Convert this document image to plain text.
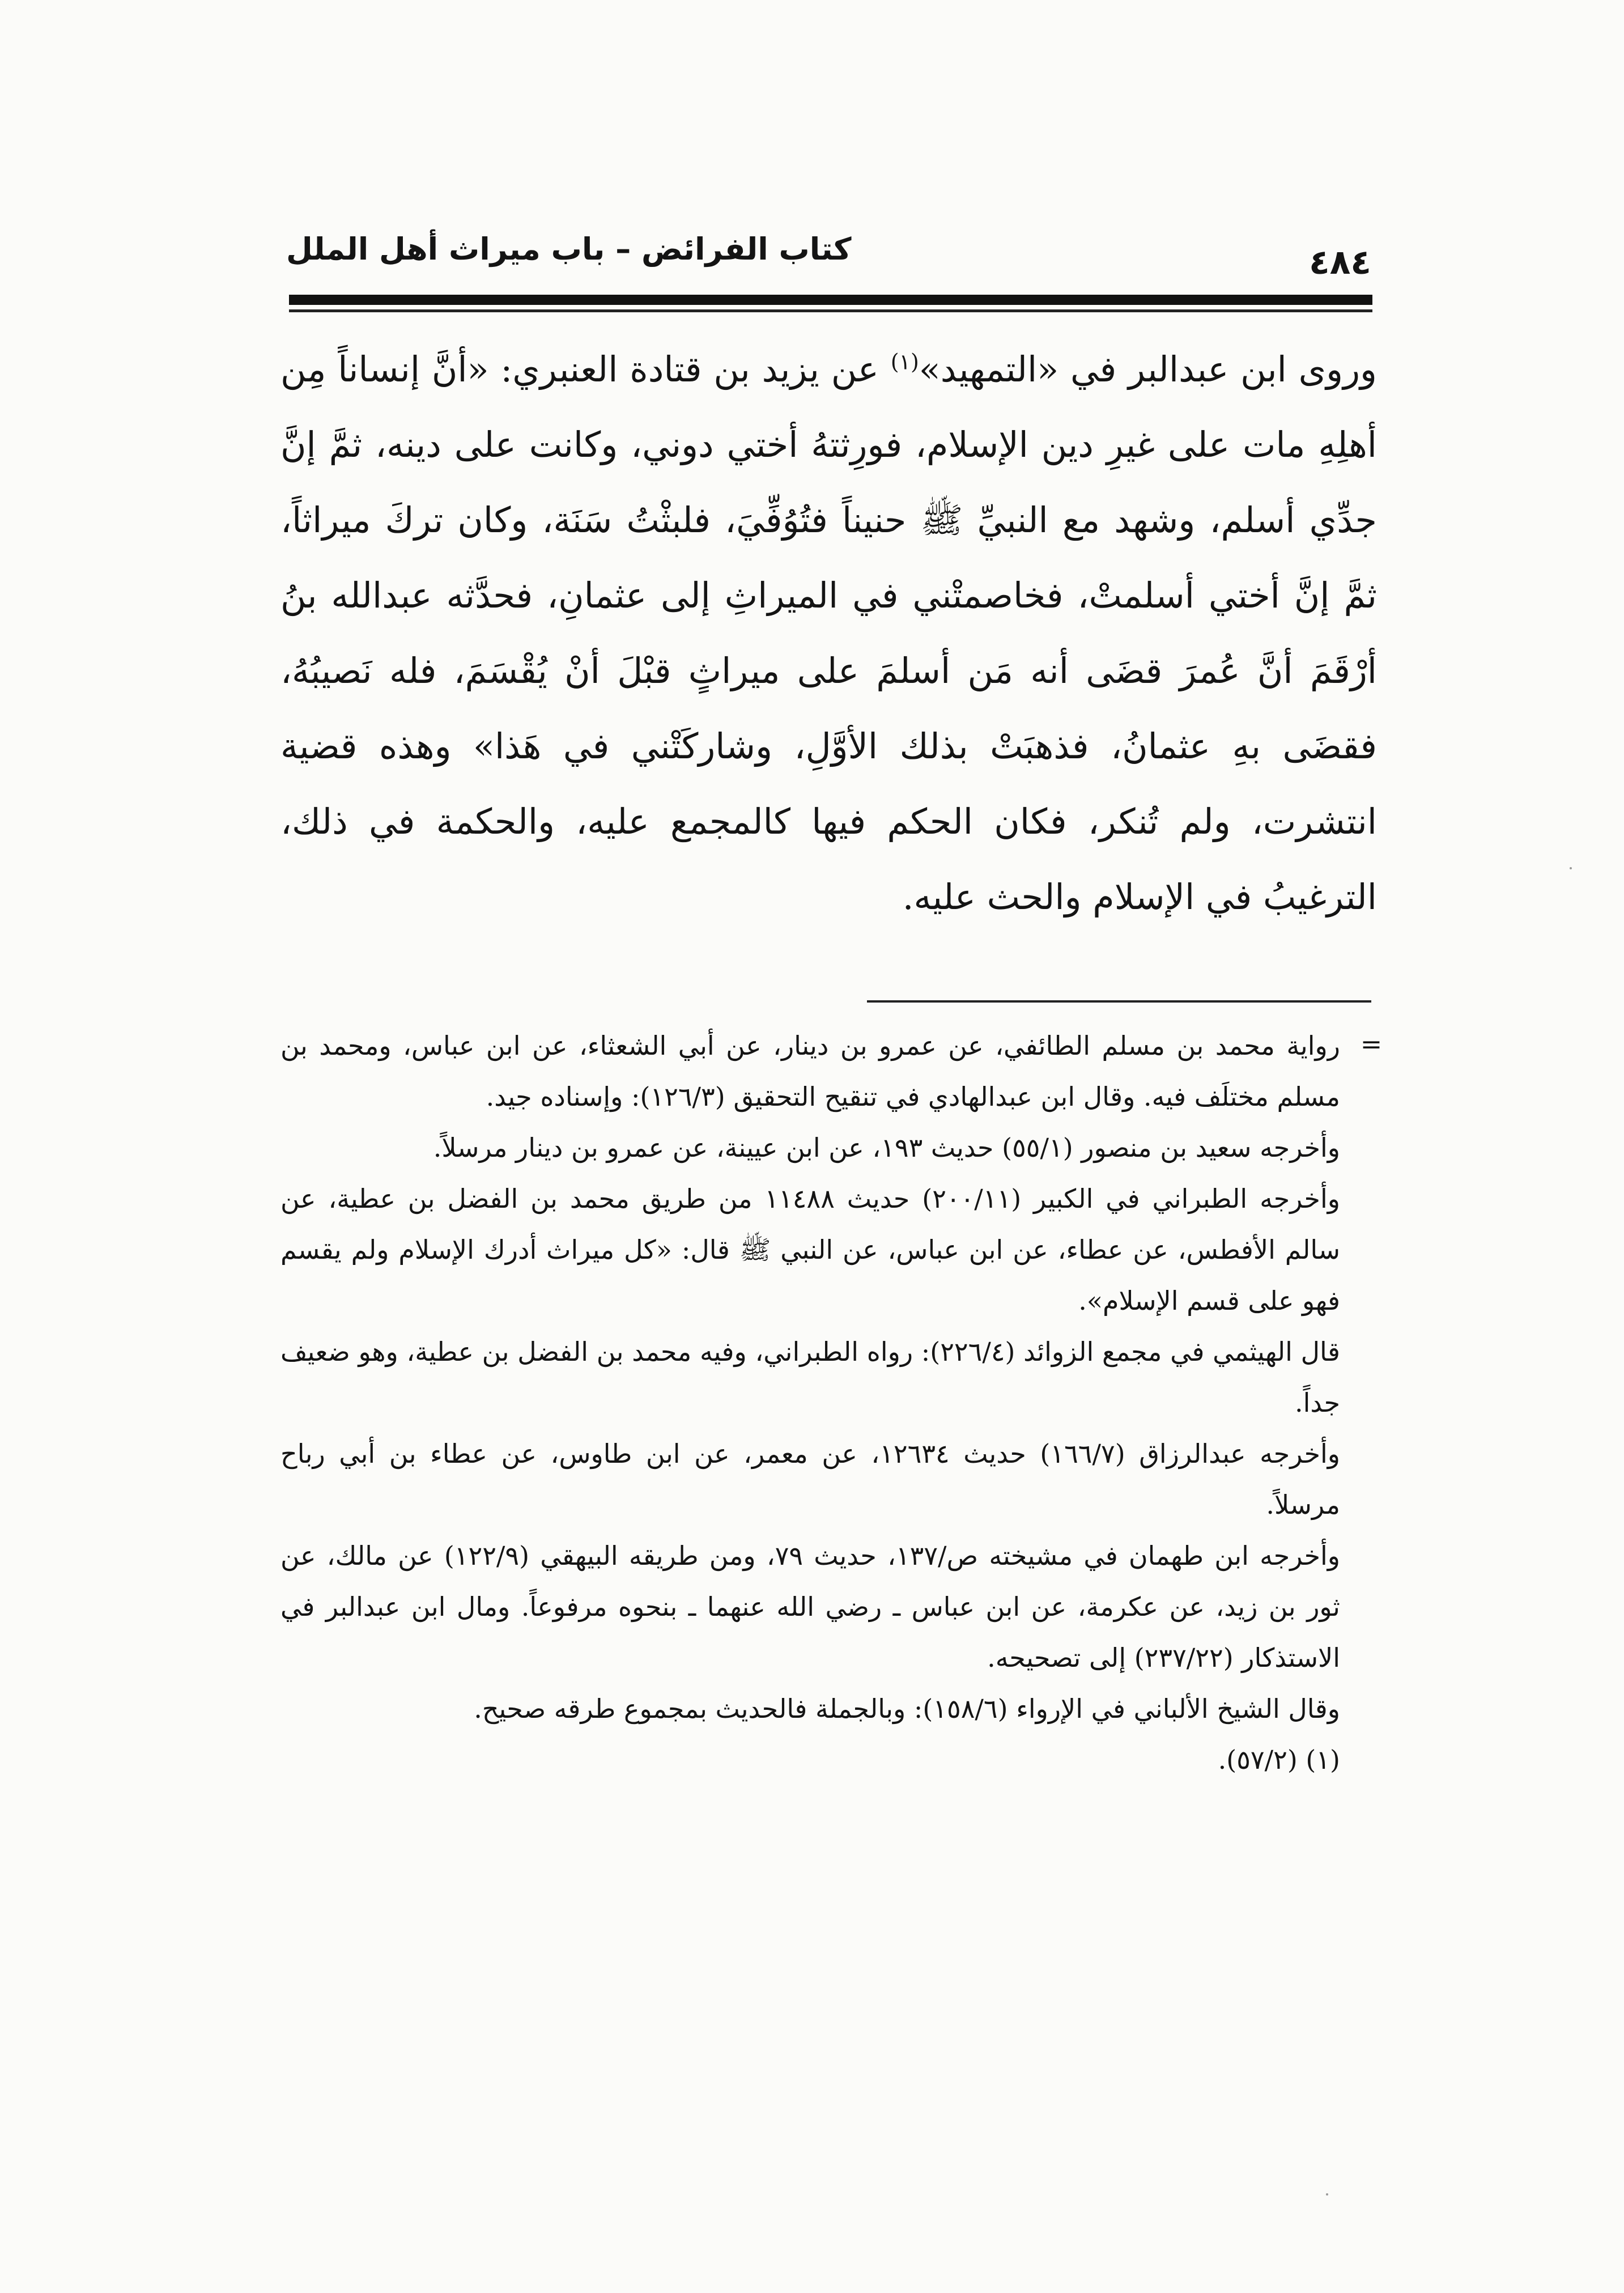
كتاب الفرائض – باب ميراث أهل الملل	٤٨٤

وروى ابن عبدالبر في «التمهيد»$^{(١)}$ عن يزيد بن قتادة العنبري: «أنَّ إنساناً مِن أهلِهِ مات على غيرِ دين الإسلام، فورِثتهُ أختي دوني، وكانت على دينه، ثمَّ إنَّ جدِّي أسلم، وشهد مع النبيِّ ﷺ حنيناً فتُوُفِّيَ، فلبثْتُ سَنَة، وكان تركَ ميراثاً، ثمَّ إنَّ أختي أسلمتْ، فخاصمتْني في الميراثِ إلى عثمانِ، فحدَّثه عبدالله بنُ أرْقَمَ أنَّ عُمرَ قضَى أنه مَن أسلمَ على ميراثٍ قبْلَ أنْ يُقْسَمَ، فله نَصيبُهُ، فقضَى بهِ عثمانُ، فذهبَتْ بذلك الأوَّلِ، وشاركَتْني في هَذا» وهذه قضية انتشرت، ولم تُنكر، فكان الحكم فيها كالمجمع عليه، والحكمة في ذلك، الترغيبُ في الإسلام والحث عليه.

=

رواية محمد بن مسلم الطائفي، عن عمرو بن دينار، عن أبي الشعثاء، عن ابن عباس، ومحمد بن مسلم مختلَف فيه. وقال ابن عبدالهادي في تنقيح التحقيق (١٢٦/٣): وإسناده جيد.

وأخرجه سعيد بن منصور (٥٥/١) حديث ١٩٣، عن ابن عيينة، عن عمرو بن دينار مرسلاً.

وأخرجه الطبراني في الكبير (٢٠٠/١١) حديث ١١٤٨٨ من طريق محمد بن الفضل بن عطية، عن سالم الأفطس، عن عطاء، عن ابن عباس، عن النبي ﷺ قال: «كل ميراث أدرك الإسلام ولم يقسم فهو على قسم الإسلام».

قال الهيثمي في مجمع الزوائد (٢٢٦/٤): رواه الطبراني، وفيه محمد بن الفضل بن عطية، وهو ضعيف جداً.

وأخرجه عبدالرزاق (١٦٦/٧) حديث ١٢٦٣٤، عن معمر، عن ابن طاوس، عن عطاء بن أبي رباح مرسلاً.

وأخرجه ابن طهمان في مشيخته ص/١٣٧، حديث ٧٩، ومن طريقه البيهقي (١٢٢/٩) عن مالك، عن ثور بن زيد، عن عكرمة، عن ابن عباس ـ رضي الله عنهما ـ بنحوه مرفوعاً. ومال ابن عبدالبر في الاستذكار (٢٣٧/٢٢) إلى تصحيحه.

وقال الشيخ الألباني في الإرواء (١٥٨/٦): وبالجملة فالحديث بمجموع طرقه صحيح.

(١) (٥٧/٢).
